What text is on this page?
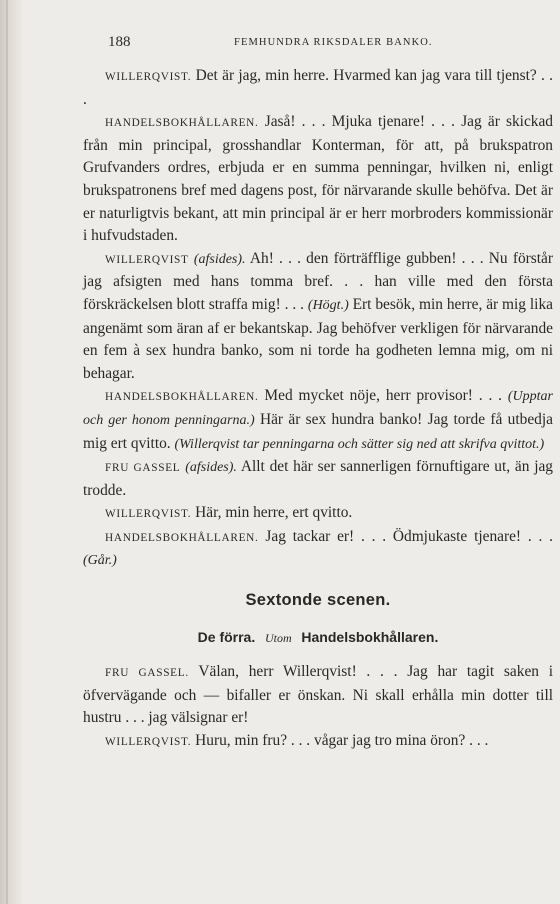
188	FEMHUNDRA RIKSDALER BANKO.

WILLERQVIST. Det är jag, min herre. Hvarmed kan jag vara till tjenst? . . .

HANDELSBOKHÅLLAREN. Jaså! . . . Mjuka tjenare! . . . Jag är skickad från min principal, grosshandlar Konterman, för att, på brukspatron Grufvanders ordres, erbjuda er en summa penningar, hvilken ni, enligt brukspatronens bref med dagens post, för närvarande skulle behöfva. Det är er naturligtvis bekant, att min principal är er herr morbroders kommissionär i hufvudstaden.

WILLERQVIST (afsides). Ah! . . . den förträfflige gubben! . . . Nu förstår jag afsigten med hans tomma bref. . . han ville med den första förskräckelsen blott straffa mig! . . . (Högt.) Ert besök, min herre, är mig lika angenämt som äran af er bekantskap. Jag behöfver verkligen för närvarande en fem à sex hundra banko, som ni torde ha godheten lemna mig, om ni behagar.

HANDELSBOKHÅLLAREN. Med mycket nöje, herr provisor! . . . (Upptar och ger honom penningarna.) Här är sex hundra banko! Jag torde få utbedja mig ert qvitto. (Willerqvist tar penningarna och sätter sig ned att skrifva qvittot.)

FRU GASSEL (afsides). Allt det här ser sannerligen förnuftigare ut, än jag trodde.

WILLERQVIST. Här, min herre, ert qvitto.

HANDELSBOKHÅLLAREN. Jag tackar er! . . . Ödmjukaste tjenare! . . . (Går.)

Sextonde scenen.

De förra. Utom Handelsbokhållaren.

FRU GASSEL. Välan, herr Willerqvist! . . . Jag har tagit saken i öfvervägande och — bifaller er önskan. Ni skall erhålla min dotter till hustru . . . jag välsignar er!

WILLERQVIST. Huru, min fru? . . . vågar jag tro mina öron? . . .
